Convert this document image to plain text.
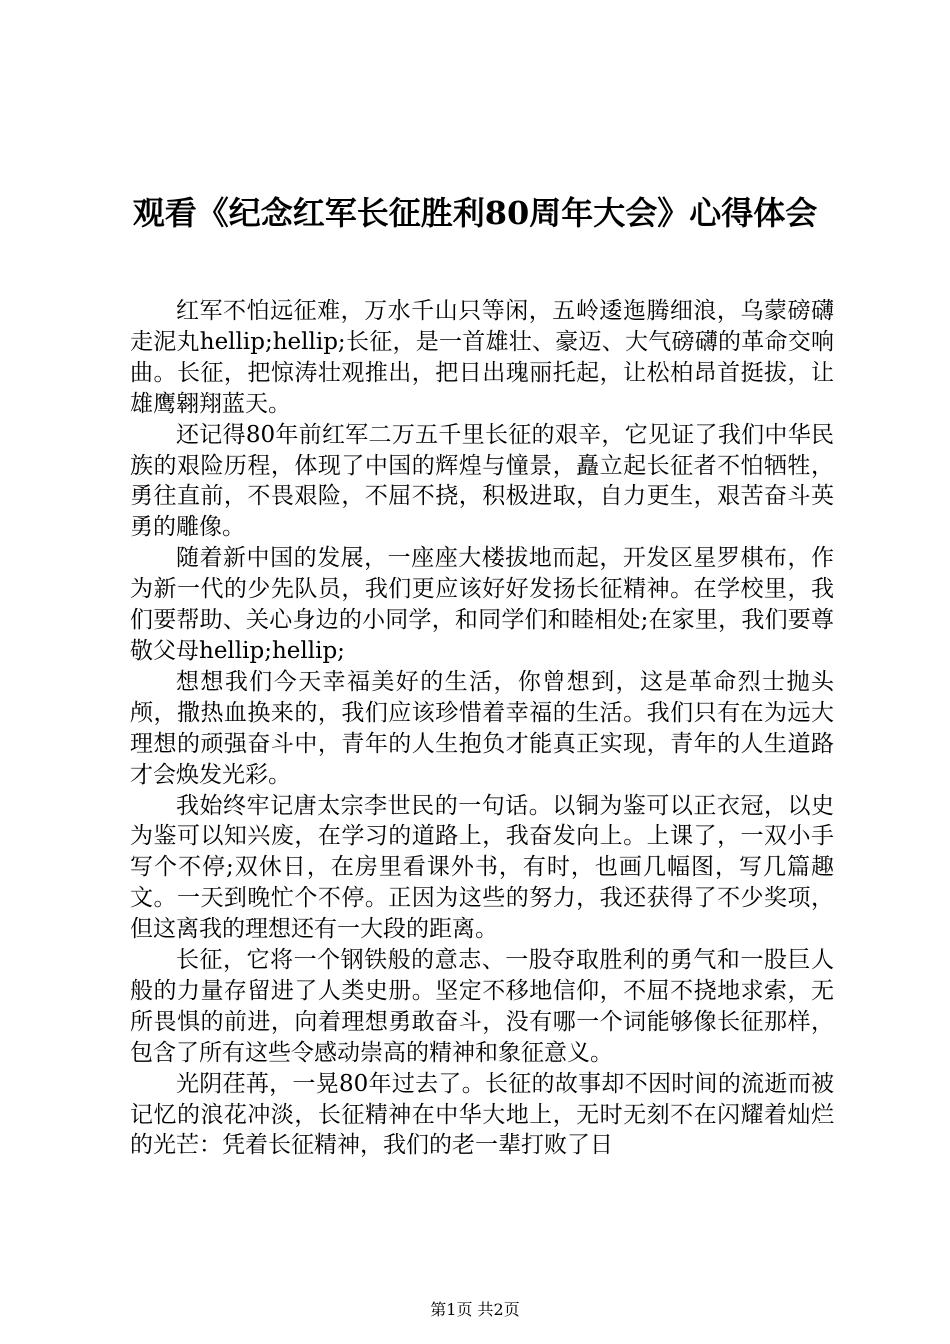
观看《纪念红军长征胜利80周年大会》心得体会

红军不怕远征难，万水千山只等闲，五岭逶迤腾细浪，乌蒙磅礴走泥丸hellip;hellip;长征，是一首雄壮、豪迈、大气磅礴的革命交响曲。长征，把惊涛壮观推出，把日出瑰丽托起，让松柏昂首挺拔，让雄鹰翱翔蓝天。

还记得80年前红军二万五千里长征的艰辛，它见证了我们中华民族的艰险历程，体现了中国的辉煌与憧景，矗立起长征者不怕牺牲，勇往直前，不畏艰险，不屈不挠，积极进取，自力更生，艰苦奋斗英勇的雕像。

随着新中国的发展，一座座大楼拔地而起，开发区星罗棋布，作为新一代的少先队员，我们更应该好好发扬长征精神。在学校里，我们要帮助、关心身边的小同学，和同学们和睦相处;在家里，我们要尊敬父母hellip;hellip;

想想我们今天幸福美好的生活，你曾想到，这是革命烈士抛头颅，撒热血换来的，我们应该珍惜着幸福的生活。我们只有在为远大理想的顽强奋斗中，青年的人生抱负才能真正实现，青年的人生道路才会焕发光彩。

我始终牢记唐太宗李世民的一句话。以铜为鉴可以正衣冠，以史为鉴可以知兴废，在学习的道路上，我奋发向上。上课了，一双小手写个不停;双休日，在房里看课外书，有时，也画几幅图，写几篇趣文。一天到晚忙个不停。正因为这些的努力，我还获得了不少奖项，但这离我的理想还有一大段的距离。

长征，它将一个钢铁般的意志、一股夺取胜利的勇气和一股巨人般的力量存留进了人类史册。坚定不移地信仰，不屈不挠地求索，无所畏惧的前进，向着理想勇敢奋斗，没有哪一个词能够像长征那样，包含了所有这些令感动崇高的精神和象征意义。

光阴荏苒，一晃80年过去了。长征的故事却不因时间的流逝而被记忆的浪花冲淡，长征精神在中华大地上，无时无刻不在闪耀着灿烂的光芒：凭着长征精神，我们的老一辈打败了日

第1页 共2页
